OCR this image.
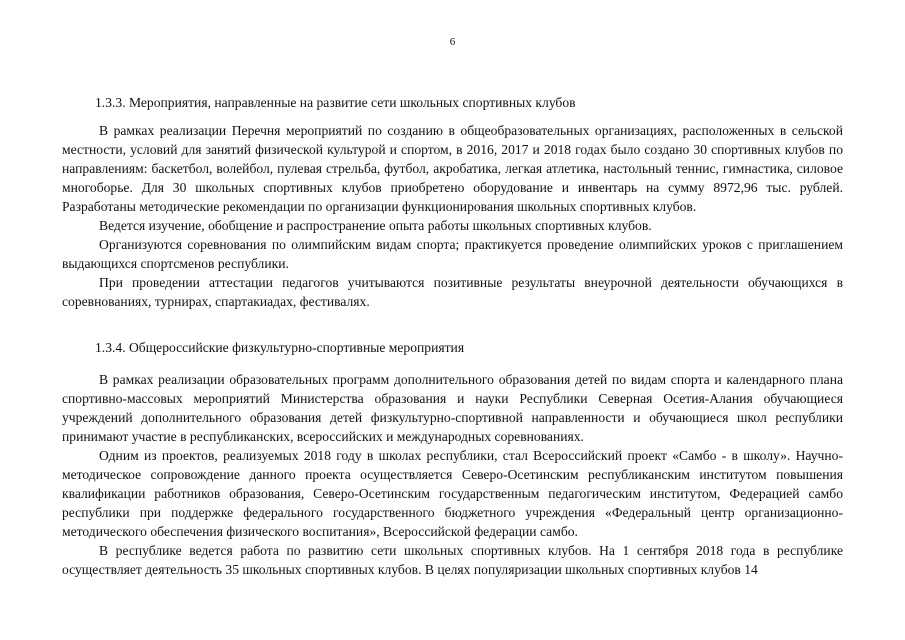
6
1.3.3. Мероприятия, направленные на развитие сети школьных спортивных клубов

В рамках реализации Перечня мероприятий по созданию в общеобразовательных организациях, расположенных в сельской местности, условий для занятий физической культурой и спортом, в 2016, 2017 и 2018 годах было создано 30 спортивных клубов по направлениям: баскетбол, волейбол, пулевая стрельба, футбол, акробатика, легкая атлетика, настольный теннис, гимнастика, силовое многоборье. Для 30 школьных спортивных клубов приобретено оборудование и инвентарь на сумму 8972,96 тыс. рублей. Разработаны методические рекомендации по организации функционирования школьных спортивных клубов.

Ведется изучение, обобщение и распространение опыта работы школьных спортивных клубов.

Организуются соревнования по олимпийским видам спорта; практикуется проведение олимпийских уроков с приглашением выдающихся спортсменов республики.

При проведении аттестации педагогов учитываются позитивные результаты внеурочной деятельности обучающихся в соревнованиях, турнирах, спартакиадах, фестивалях.

1.3.4. Общероссийские физкультурно-спортивные мероприятия

В рамках реализации образовательных программ дополнительного образования детей по видам спорта и календарного плана спортивно-массовых мероприятий Министерства образования и науки Республики Северная Осетия-Алания обучающиеся учреждений дополнительного образования детей физкультурно-спортивной направленности и обучающиеся школ республики принимают участие в республиканских, всероссийских и международных соревнованиях.

Одним из проектов, реализуемых 2018 году в школах республики, стал Всероссийский проект «Самбо - в школу». Научно-методическое сопровождение данного проекта осуществляется Северо-Осетинским республиканским институтом повышения квалификации работников образования, Северо-Осетинским государственным педагогическим институтом, Федерацией самбо республики при поддержке федерального государственного бюджетного учреждения «Федеральный центр организационно-методического обеспечения физического воспитания», Всероссийской федерации самбо.

В республике ведется работа по развитию сети школьных спортивных клубов. На 1 сентября 2018 года в республике осуществляет деятельность 35 школьных спортивных клубов. В целях популяризации школьных спортивных клубов 14
